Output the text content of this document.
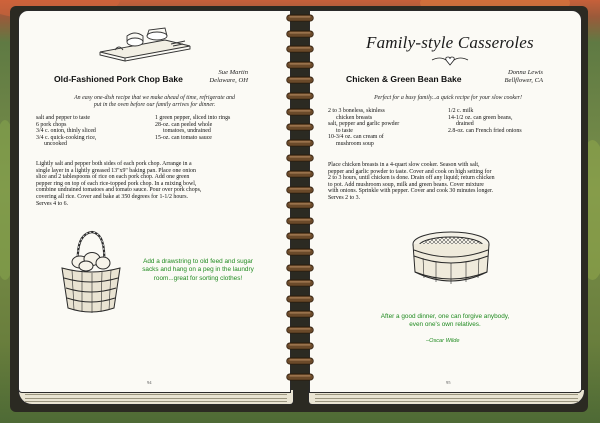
Old-Fashioned Pork Chop Bake
Sue Martin
Delaware, OH
An easy one-dish recipe that we make ahead of time, refrigerate and
put in the oven before our family arrives for dinner.
salt and pepper to taste
6 pork chops
3/4 c. onion, thinly sliced
3/4 c. quick-cooking rice,
uncooked
1 green pepper, sliced into rings
28-oz. can peeled whole
tomatoes, undrained
15-oz. can tomato sauce
Lightly salt and pepper both sides of each pork chop. Arrange in a
single layer in a lightly greased 13"x9" baking pan. Place one onion
slice and 2 tablespoons of rice on each pork chop. Add one green
pepper ring on top of each rice-topped pork chop. In a mixing bowl,
combine undrained tomatoes and tomato sauce. Pour over pork chops,
covering all rice. Cover and bake at 350 degrees for 1-1/2 hours.
Serves 4 to 6.
Add a drawstring to old feed and sugar
sacks and hang on a peg in the laundry
room...great for sorting clothes!
94
Family-style Casseroles
Chicken & Green Bean Bake
Donna Lewis
Bellflower, CA
Perfect for a busy family...a quick recipe for your slow cooker!
2 to 3 boneless, skinless
chicken breasts
salt, pepper and garlic powder
to taste
10-3/4 oz. can cream of
mushroom soup
1/2 c. milk
14-1/2 oz. can green beans,
drained
2.8-oz. can French fried onions
Place chicken breasts in a 4-quart slow cooker. Season with salt,
pepper and garlic powder to taste. Cover and cook on high setting for
2 to 3 hours, until chicken is done. Drain off any liquid; return chicken
to pot. Add mushroom soup, milk and green beans. Cover mixture
with onions. Sprinkle with pepper. Cover and cook 30 minutes longer.
Serves 2 to 3.
After a good dinner, one can forgive anybody,
even one's own relatives.
–Oscar Wilde
95
